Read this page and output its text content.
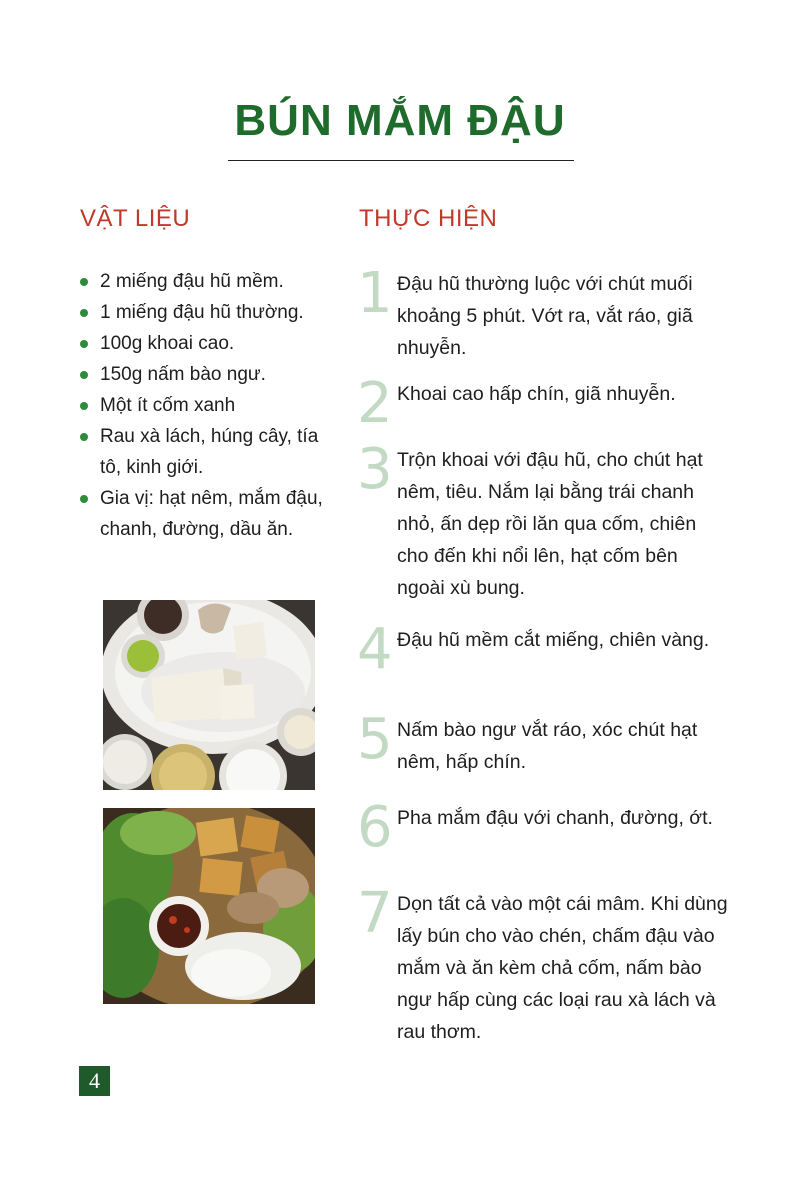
BÚN MẮM ĐẬU
VẬT LIỆU	THỰC HIỆN
2 miếng đậu hũ mềm.
1 miếng đậu hũ thường.
100g khoai cao.
150g nấm bào ngư.
Một ít cốm xanh
Rau xà lách, húng cây, tía tô, kinh giới.
Gia vị: hạt nêm, mắm đậu, chanh, đường, dầu ăn.
1 Đậu hũ thường luộc với chút muối khoảng 5 phút. Vớt ra, vắt ráo, giã nhuyễn.
2 Khoai cao hấp chín, giã nhuyễn.
3 Trộn khoai với đậu hũ, cho chút hạt nêm, tiêu. Nắm lại bằng trái chanh nhỏ, ấn dẹp rồi lăn qua cốm, chiên cho đến khi nổi lên, hạt cốm bên ngoài xù bung.
4 Đậu hũ mềm cắt miếng, chiên vàng.
5 Nấm bào ngư vắt ráo, xóc chút hạt nêm, hấp chín.
6 Pha mắm đậu với chanh, đường, ớt.
7 Dọn tất cả vào một cái mâm. Khi dùng lấy bún cho vào chén, chấm đậu vào mắm và ăn kèm chả cốm, nấm bào ngư hấp cùng các loại rau xà lách và rau thơm.
4
